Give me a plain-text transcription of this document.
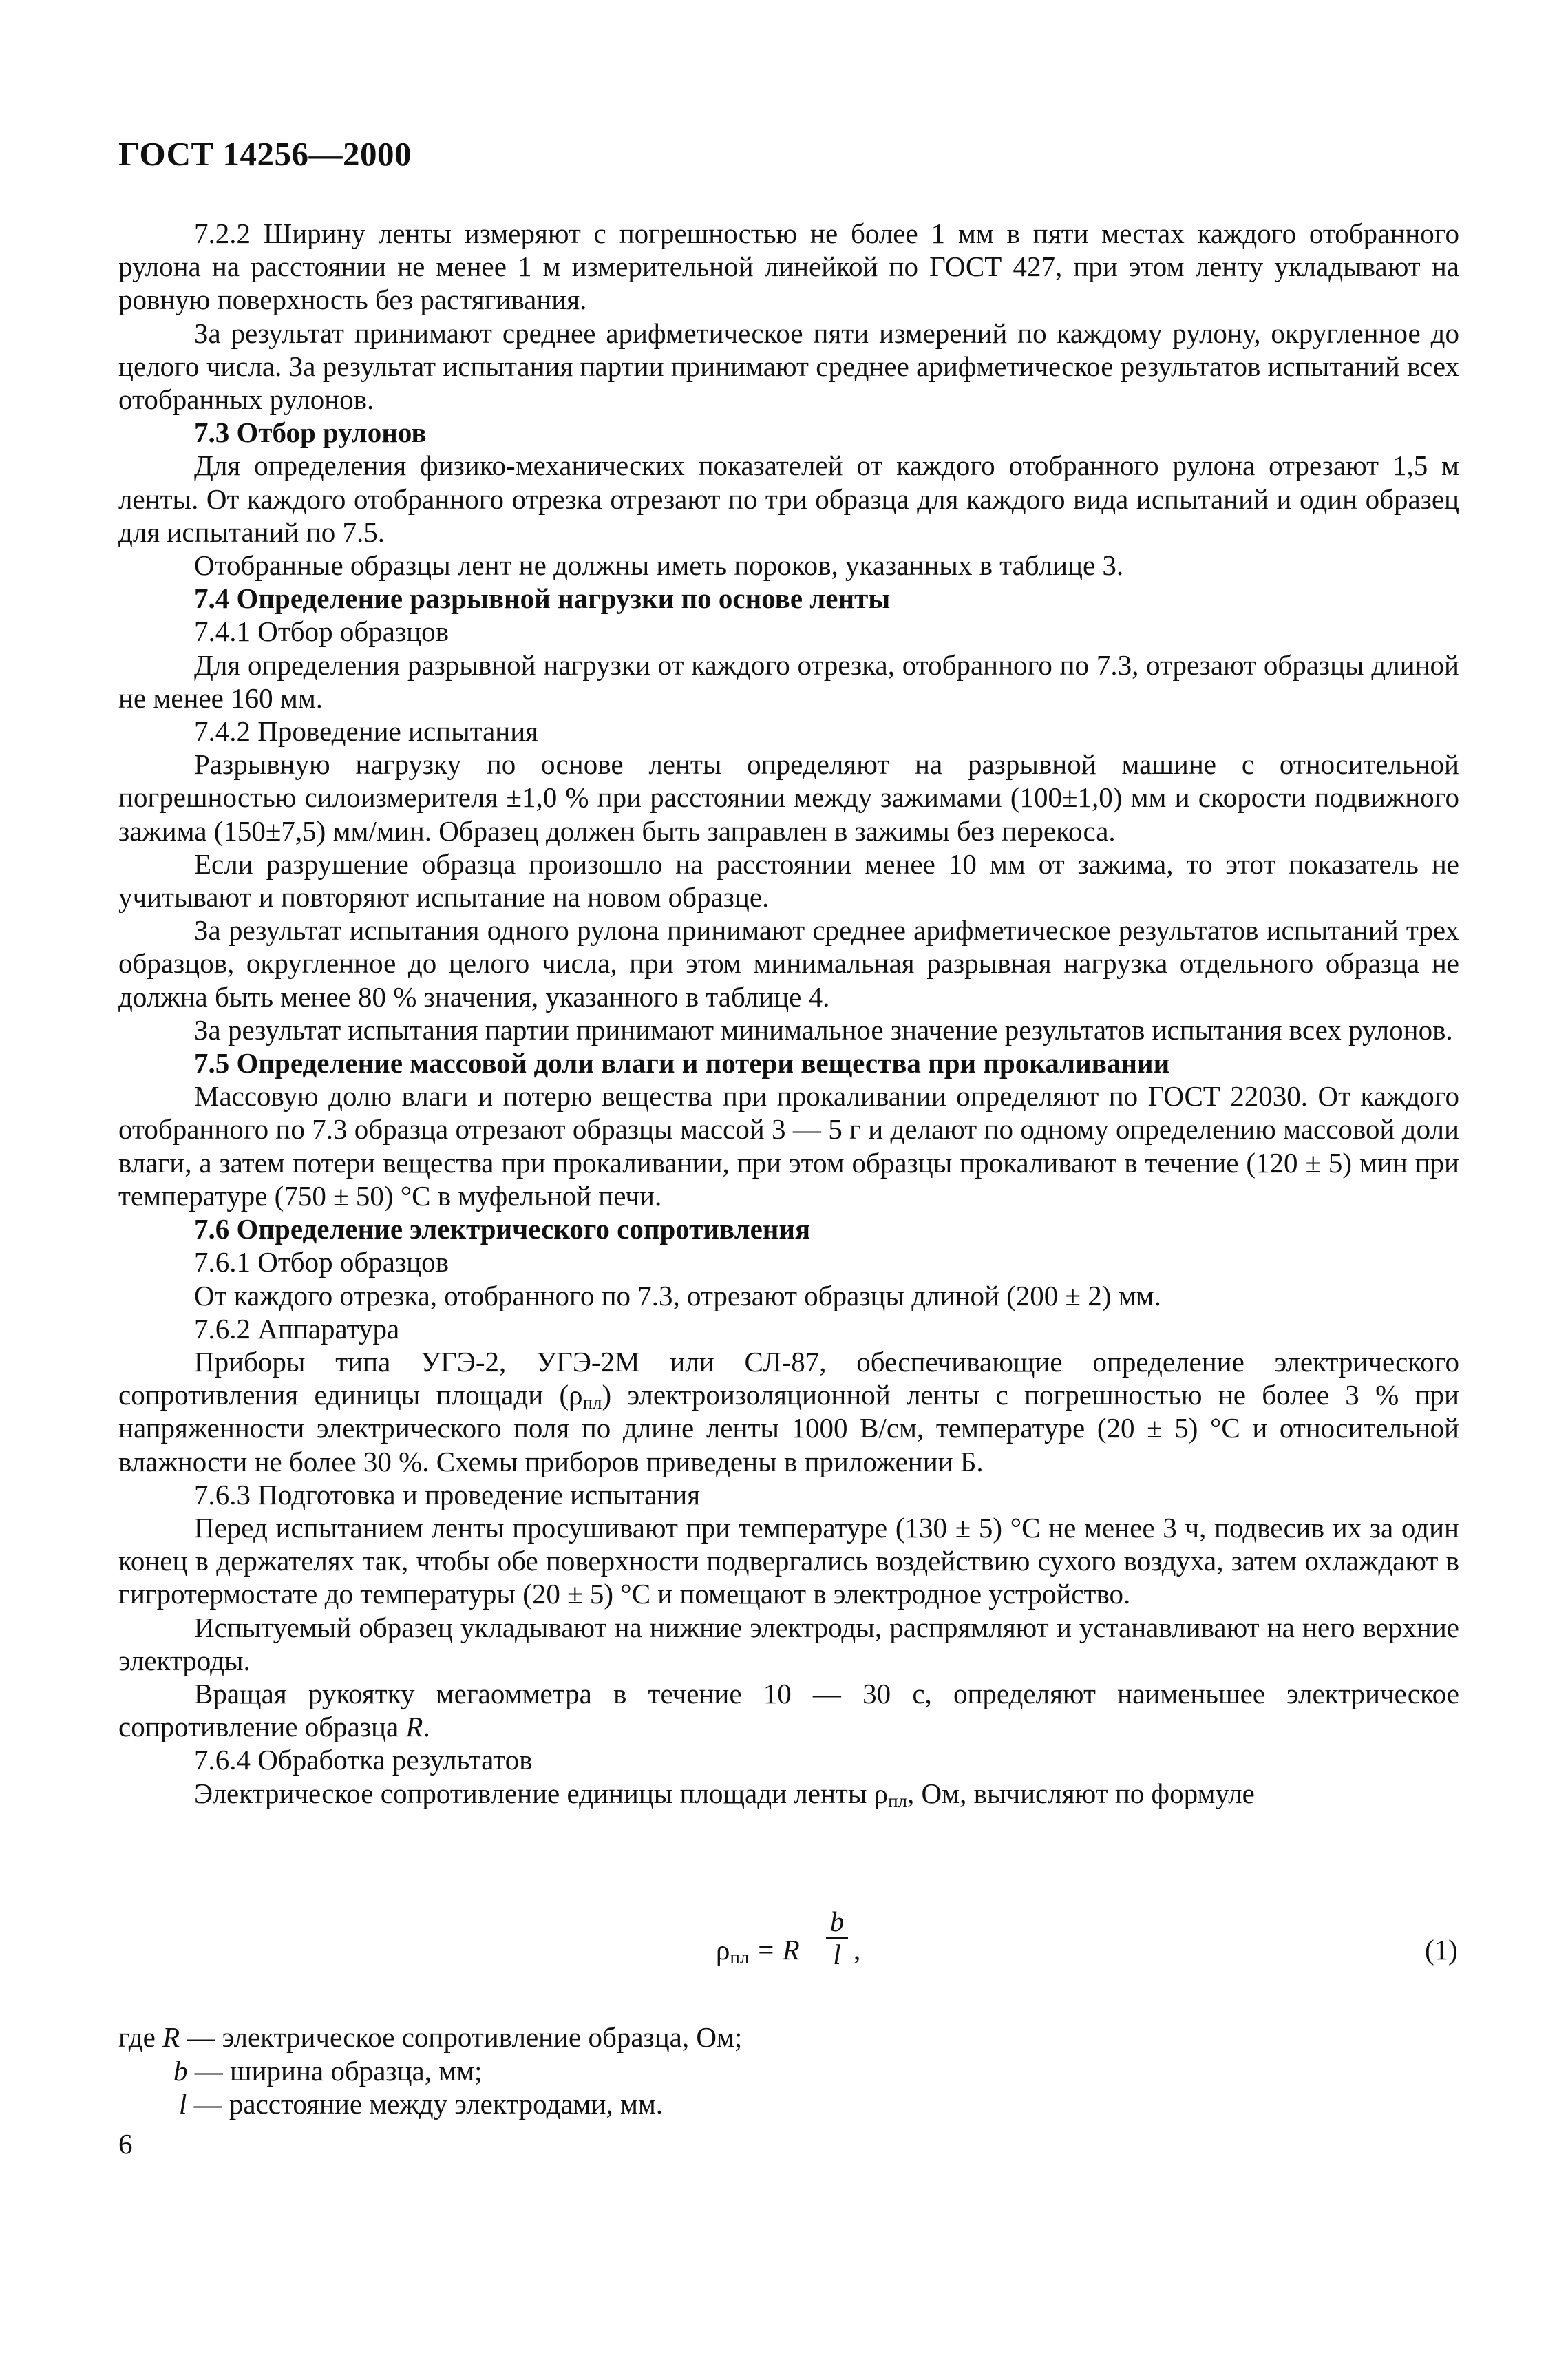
ГОСТ 14256—2000

7.2.2 Ширину ленты измеряют с погрешностью не более 1 мм в пяти местах каждого отобранного рулона на расстоянии не менее 1 м измерительной линейкой по ГОСТ 427, при этом ленту укладывают на ровную поверхность без растягивания.

За результат принимают среднее арифметическое пяти измерений по каждому рулону, округленное до целого числа. За результат испытания партии принимают среднее арифметическое результатов испытаний всех отобранных рулонов.

7.3 Отбор рулонов

Для определения физико-механических показателей от каждого отобранного рулона отрезают 1,5 м ленты. От каждого отобранного отрезка отрезают по три образца для каждого вида испытаний и один образец для испытаний по 7.5.

Отобранные образцы лент не должны иметь пороков, указанных в таблице 3.

7.4 Определение разрывной нагрузки по основе ленты

7.4.1 Отбор образцов

Для определения разрывной нагрузки от каждого отрезка, отобранного по 7.3, отрезают образцы длиной не менее 160 мм.

7.4.2 Проведение испытания

Разрывную нагрузку по основе ленты определяют на разрывной машине с относительной погрешностью силоизмерителя ±1,0 % при расстоянии между зажимами (100±1,0) мм и скорости подвижного зажима (150±7,5) мм/мин. Образец должен быть заправлен в зажимы без перекоса.

Если разрушение образца произошло на расстоянии менее 10 мм от зажима, то этот показатель не учитывают и повторяют испытание на новом образце.

За результат испытания одного рулона принимают среднее арифметическое результатов испытаний трех образцов, округленное до целого числа, при этом минимальная разрывная нагрузка отдельного образца не должна быть менее 80 % значения, указанного в таблице 4.

За результат испытания партии принимают минимальное значение результатов испытания всех рулонов.

7.5 Определение массовой доли влаги и потери вещества при прокаливании

Массовую долю влаги и потерю вещества при прокаливании определяют по ГОСТ 22030. От каждого отобранного по 7.3 образца отрезают образцы массой 3 — 5 г и делают по одному определению массовой доли влаги, а затем потери вещества при прокаливании, при этом образцы прокаливают в течение (120 ± 5) мин при температуре (750 ± 50) °С в муфельной печи.

7.6 Определение электрического сопротивления

7.6.1 Отбор образцов

От каждого отрезка, отобранного по 7.3, отрезают образцы длиной (200 ± 2) мм.

7.6.2 Аппаратура

Приборы типа УГЭ-2, УГЭ-2М или СЛ-87, обеспечивающие определение электрического сопротивления единицы площади $(\rho_{пл})$ электроизоляционной ленты с погрешностью не более 3 % при напряженности электрического поля по длине ленты 1000 В/см, температуре (20 ± 5) °С и относительной влажности не более 30 %. Схемы приборов приведены в приложении Б.

7.6.3 Подготовка и проведение испытания

Перед испытанием ленты просушивают при температуре (130 ± 5) °С не менее 3 ч, подвесив их за один конец в держателях так, чтобы обе поверхности подвергались воздействию сухого воздуха, затем охлаждают в гигротермостате до температуры (20 ± 5) °С и помещают в электродное устройство.

Испытуемый образец укладывают на нижние электроды, распрямляют и устанавливают на него верхние электроды.

Вращая рукоятку мегаомметра в течение 10 — 30 с, определяют наименьшее электрическое сопротивление образца R.

7.6.4 Обработка результатов

Электрическое сопротивление единицы площади ленты $\rho_{пл}$, Ом, вычисляют по формуле

$\rho_{пл} = R \frac{b}{l}$ ,	(1)
где R — электрическое сопротивление образца, Ом;
b — ширина образца, мм;
l — расстояние между электродами, мм.
6
